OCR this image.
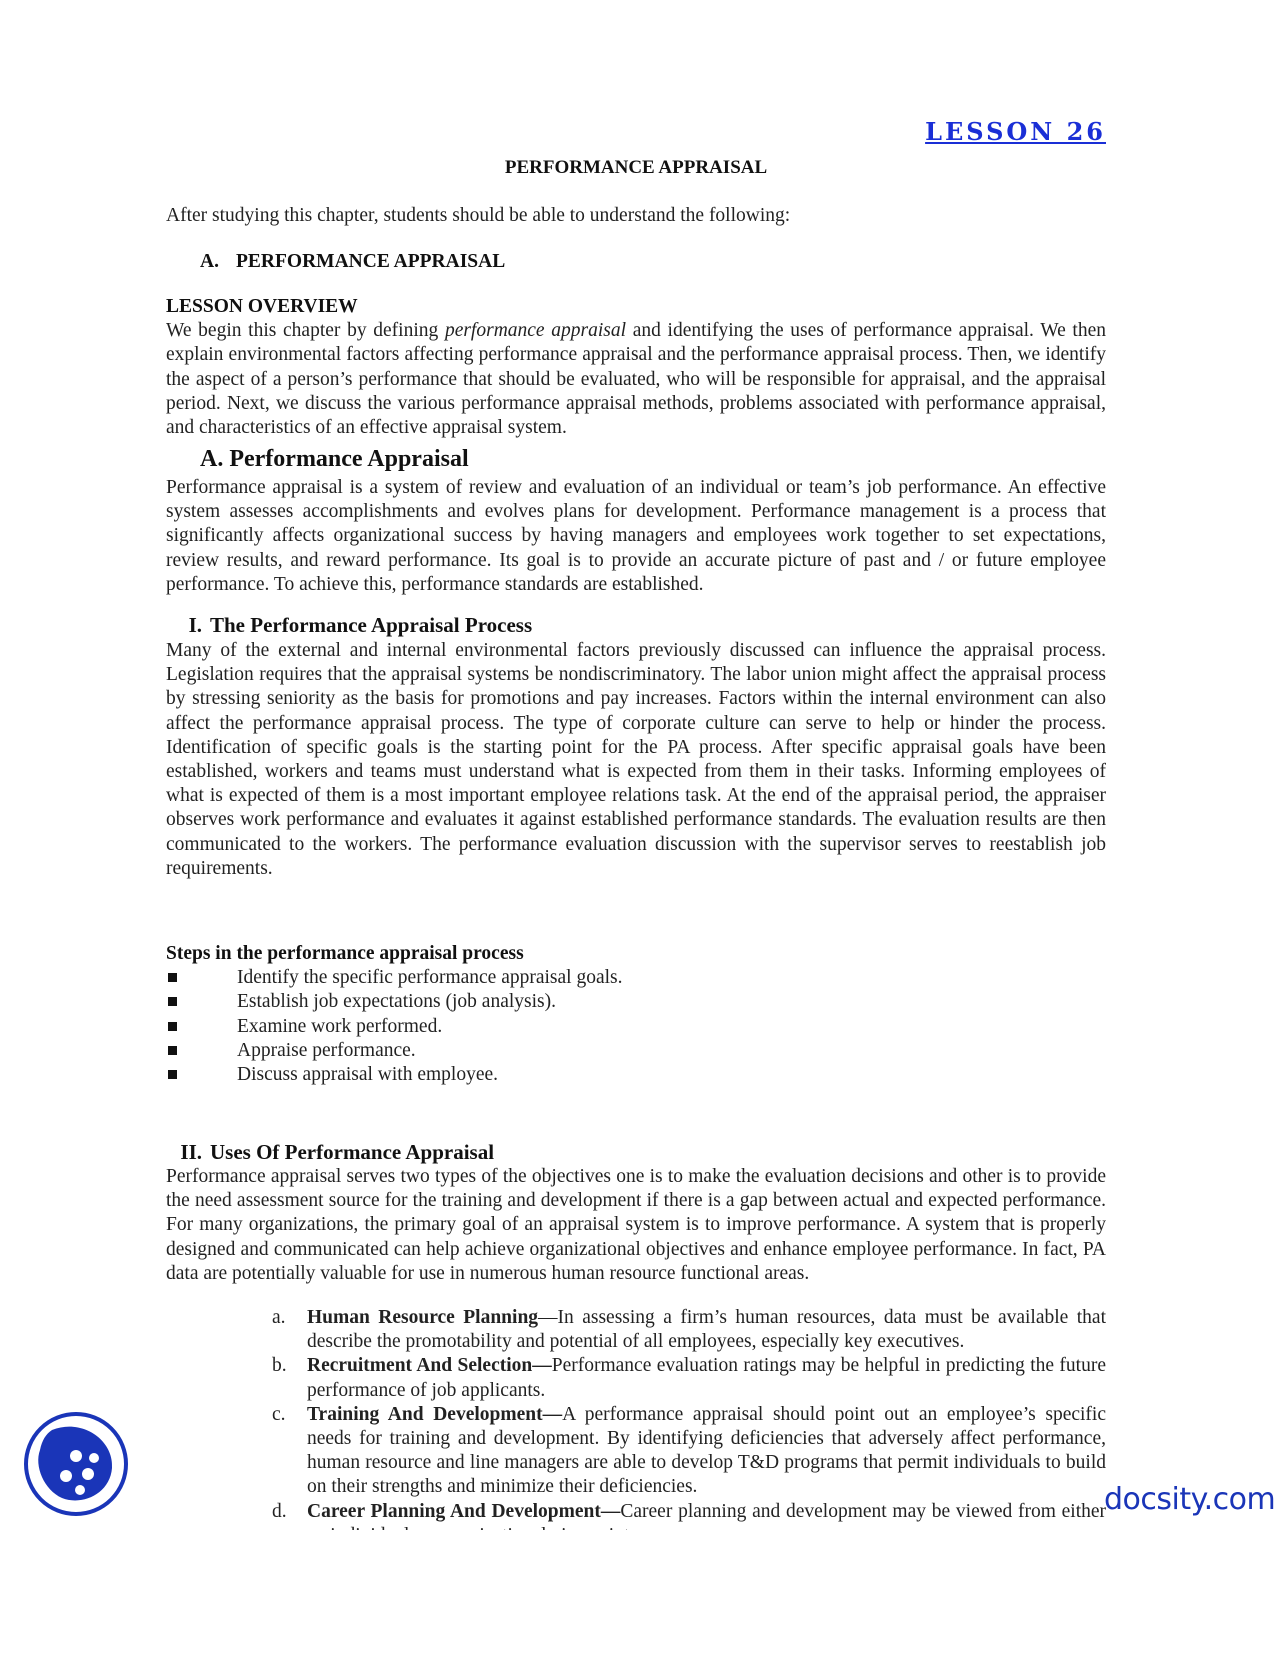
LESSON 26
PERFORMANCE APPRAISAL
After studying this chapter, students should be able to understand the following:
A. PERFORMANCE APPRAISAL
LESSON OVERVIEW
We begin this chapter by defining performance appraisal and identifying the uses of performance appraisal. We then explain environmental factors affecting performance appraisal and the performance appraisal process. Then, we identify the aspect of a person’s performance that should be evaluated, who will be responsible for appraisal, and the appraisal period. Next, we discuss the various performance appraisal methods, problems associated with performance appraisal, and characteristics of an effective appraisal system.
A. Performance Appraisal
Performance appraisal is a system of review and evaluation of an individual or team’s job performance. An effective system assesses accomplishments and evolves plans for development. Performance management is a process that significantly affects organizational success by having managers and employees work together to set expectations, review results, and reward performance. Its goal is to provide an accurate picture of past and / or future employee performance. To achieve this, performance standards are established.
I. The Performance Appraisal Process
Many of the external and internal environmental factors previously discussed can influence the appraisal process. Legislation requires that the appraisal systems be nondiscriminatory. The labor union might affect the appraisal process by stressing seniority as the basis for promotions and pay increases. Factors within the internal environment can also affect the performance appraisal process. The type of corporate culture can serve to help or hinder the process. Identification of specific goals is the starting point for the PA process. After specific appraisal goals have been established, workers and teams must understand what is expected from them in their tasks. Informing employees of what is expected of them is a most important employee relations task. At the end of the appraisal period, the appraiser observes work performance and evaluates it against established performance standards. The evaluation results are then communicated to the workers. The performance evaluation discussion with the supervisor serves to reestablish job requirements.
Steps in the performance appraisal process
Identify the specific performance appraisal goals.
Establish job expectations (job analysis).
Examine work performed.
Appraise performance.
Discuss appraisal with employee.
II. Uses Of Performance Appraisal
Performance appraisal serves two types of the objectives one is to make the evaluation decisions and other is to provide the need assessment source for the training and development if there is a gap between actual and expected performance. For many organizations, the primary goal of an appraisal system is to improve performance. A system that is properly designed and communicated can help achieve organizational objectives and enhance employee performance. In fact, PA data are potentially valuable for use in numerous human resource functional areas.
a. Human Resource Planning—In assessing a firm’s human resources, data must be available that describe the promotability and potential of all employees, especially key executives.
b. Recruitment And Selection—Performance evaluation ratings may be helpful in predicting the future performance of job applicants.
c. Training And Development—A performance appraisal should point out an employee’s specific needs for training and development. By identifying deficiencies that adversely affect performance, human resource and line managers are able to develop T&D programs that permit individuals to build on their strengths and minimize their deficiencies.
d. Career Planning And Development—Career planning and development may be viewed from either
docsity.com
